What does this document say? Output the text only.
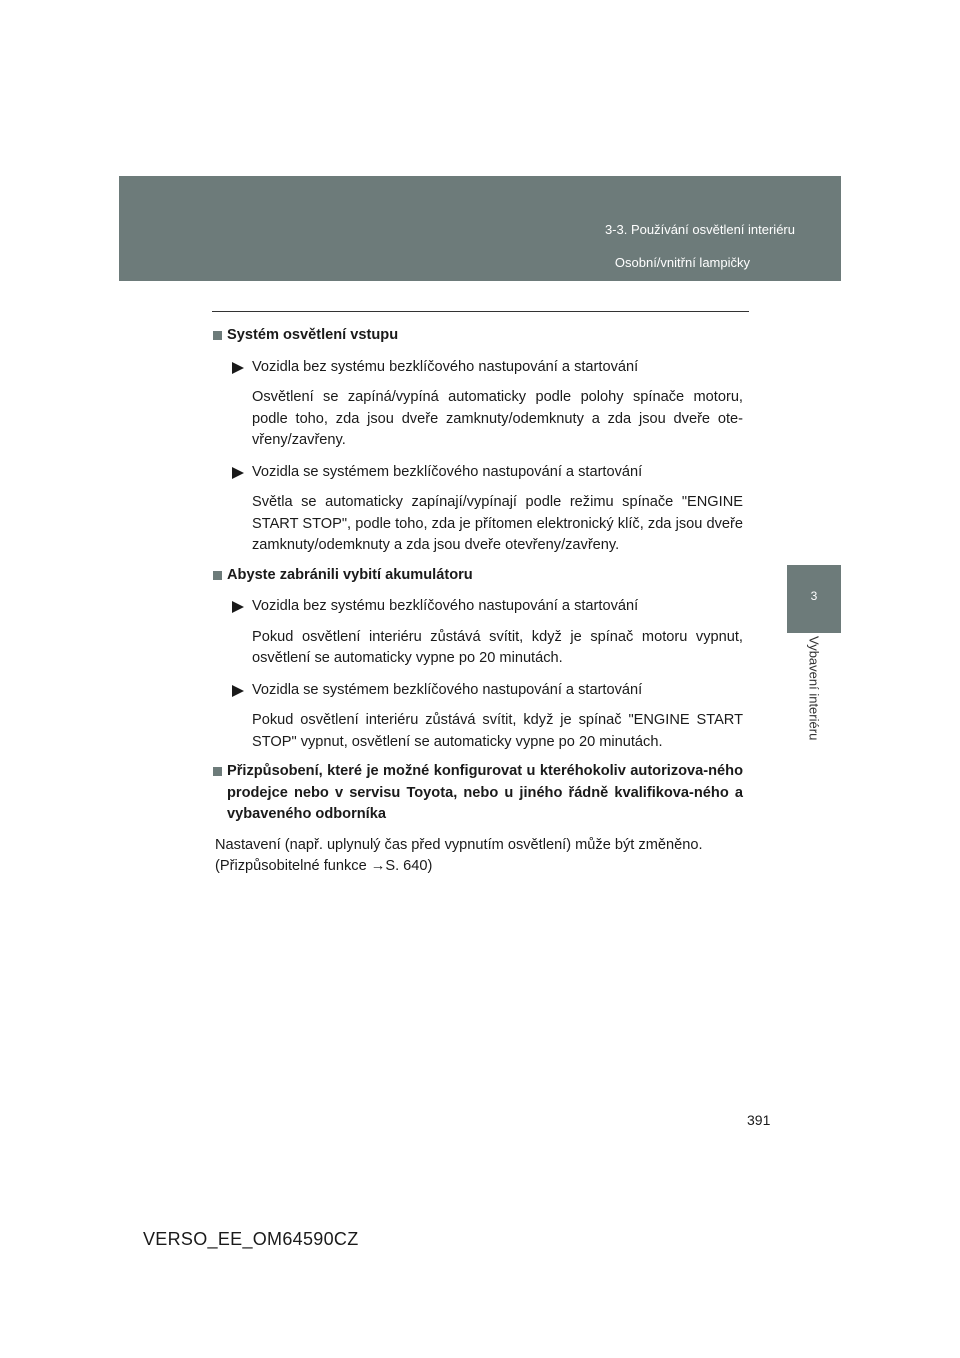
3-3. Používání osvětlení interiéru
Osobní/vnitřní lampičky
3
Vybavení interiéru
Systém osvětlení vstupu
Vozidla bez systému bezklíčového nastupování a startování
Osvětlení se zapíná/vypíná automaticky podle polohy spínače motoru, podle toho, zda jsou dveře zamknuty/odemknuty a zda jsou dveře ote-vřeny/zavřeny.
Vozidla se systémem bezklíčového nastupování a startování
Světla se automaticky zapínají/vypínají podle režimu spínače "ENGINE START STOP", podle toho, zda je přítomen elektronický klíč, zda jsou dveře zamknuty/odemknuty a zda jsou dveře otevřeny/zavřeny.
Abyste zabránili vybití akumulátoru
Vozidla bez systému bezklíčového nastupování a startování
Pokud osvětlení interiéru zůstává svítit, když je spínač motoru vypnut, osvětlení se automaticky vypne po 20 minutách.
Vozidla se systémem bezklíčového nastupování a startování
Pokud osvětlení interiéru zůstává svítit, když je spínač "ENGINE START STOP" vypnut, osvětlení se automaticky vypne po 20 minutách.
Přizpůsobení, které je možné konfigurovat u kteréhokoliv autorizova-ného prodejce nebo v servisu Toyota, nebo u jiného řádně kvalifikova-ného a vybaveného odborníka
Nastavení (např. uplynulý čas před vypnutím osvětlení) může být změněno.
(Přizpůsobitelné funkce →S. 640)
391
VERSO_EE_OM64590CZ
